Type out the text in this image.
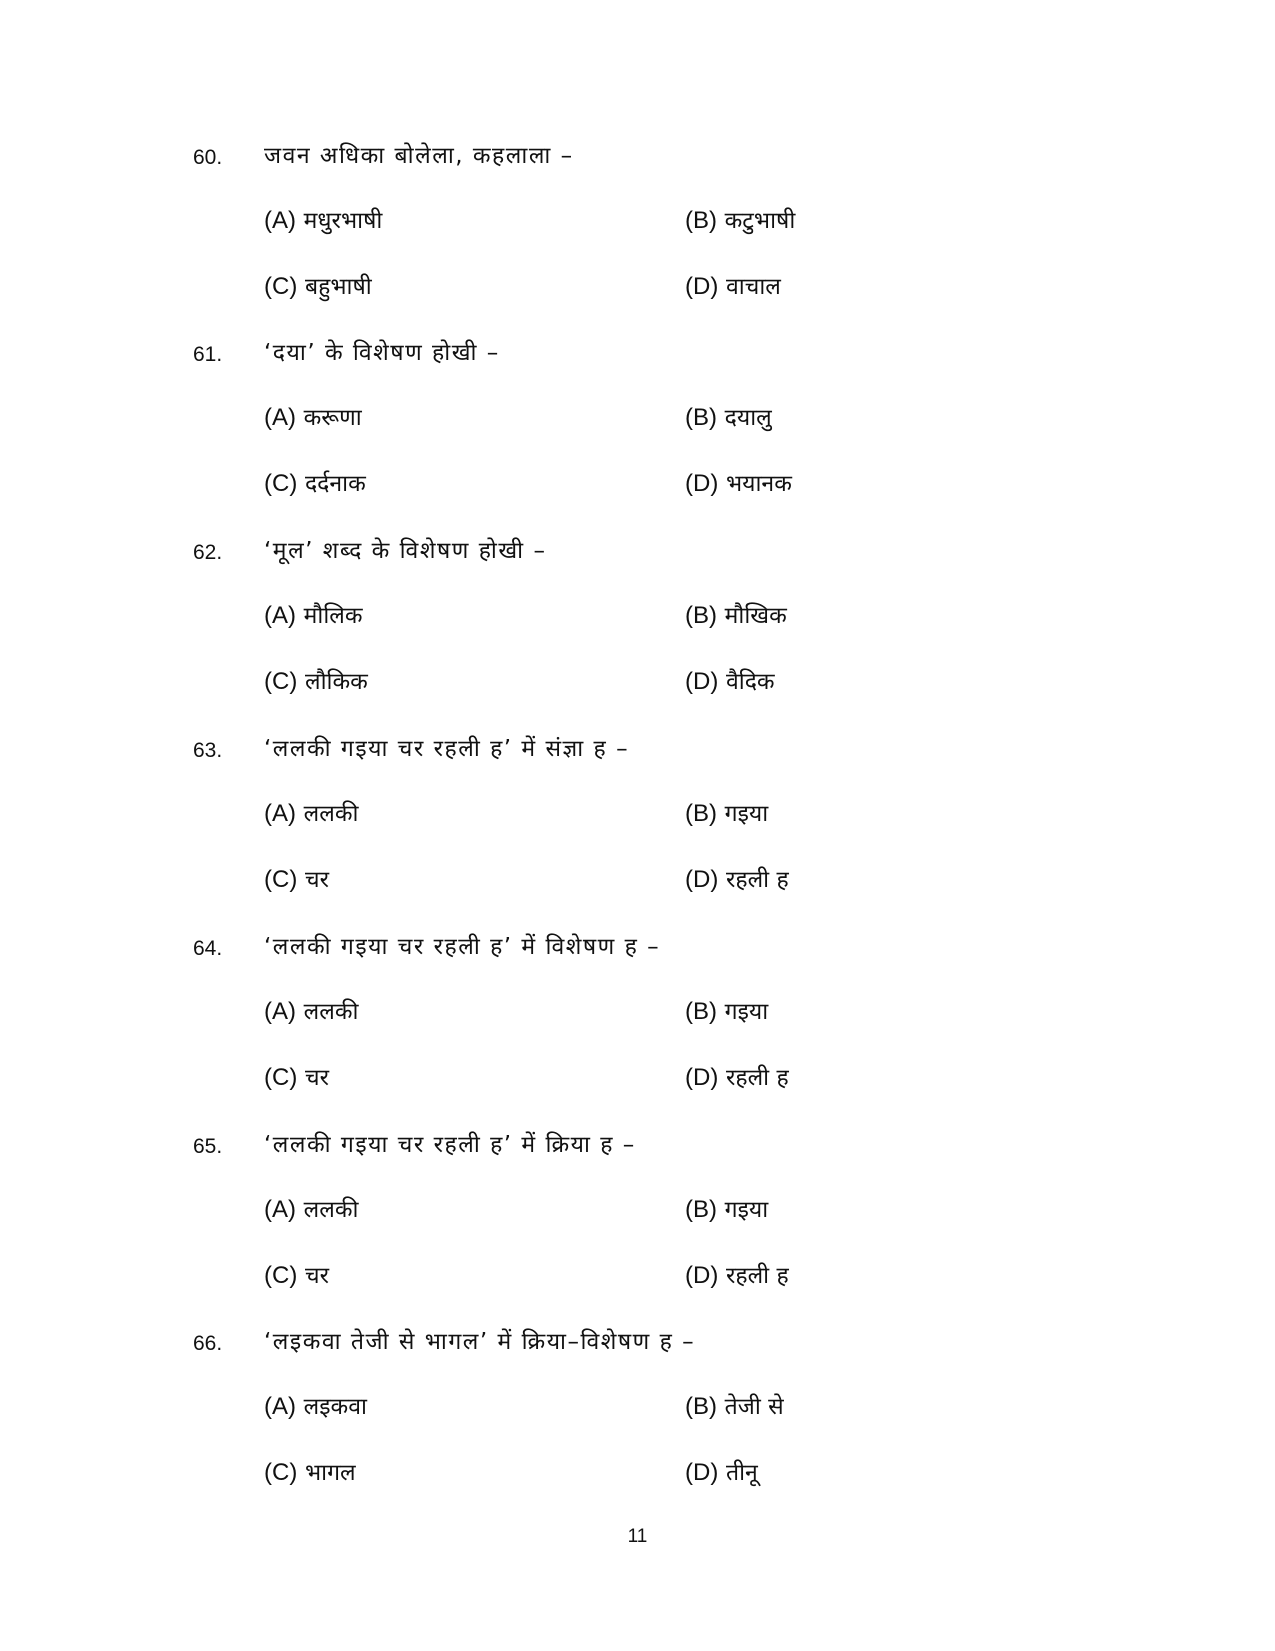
60. जवन अधिका बोलेला, कहलाला –
(A) मधुरभाषी	(B) कटुभाषी
(C) बहुभाषी	(D) वाचाल
61. ‘दया’ के विशेषण होखी –
(A) करूणा	(B) दयालु
(C) दर्दनाक	(D) भयानक
62. ‘मूल’ शब्द के विशेषण होखी –
(A) मौलिक	(B) मौखिक
(C) लौकिक	(D) वैदिक
63. ‘ललकी गइया चर रहली ह’ में संज्ञा ह –
(A) ललकी	(B) गइया
(C) चर	(D) रहली ह
64. ‘ललकी गइया चर रहली ह’ में विशेषण ह –
(A) ललकी	(B) गइया
(C) चर	(D) रहली ह
65. ‘ललकी गइया चर रहली ह’ में क्रिया ह –
(A) ललकी	(B) गइया
(C) चर	(D) रहली ह
66. ‘लइकवा तेजी से भागल’ में क्रिया–विशेषण ह –
(A) लइकवा	(B) तेजी से
(C) भागल	(D) तीनू
11
